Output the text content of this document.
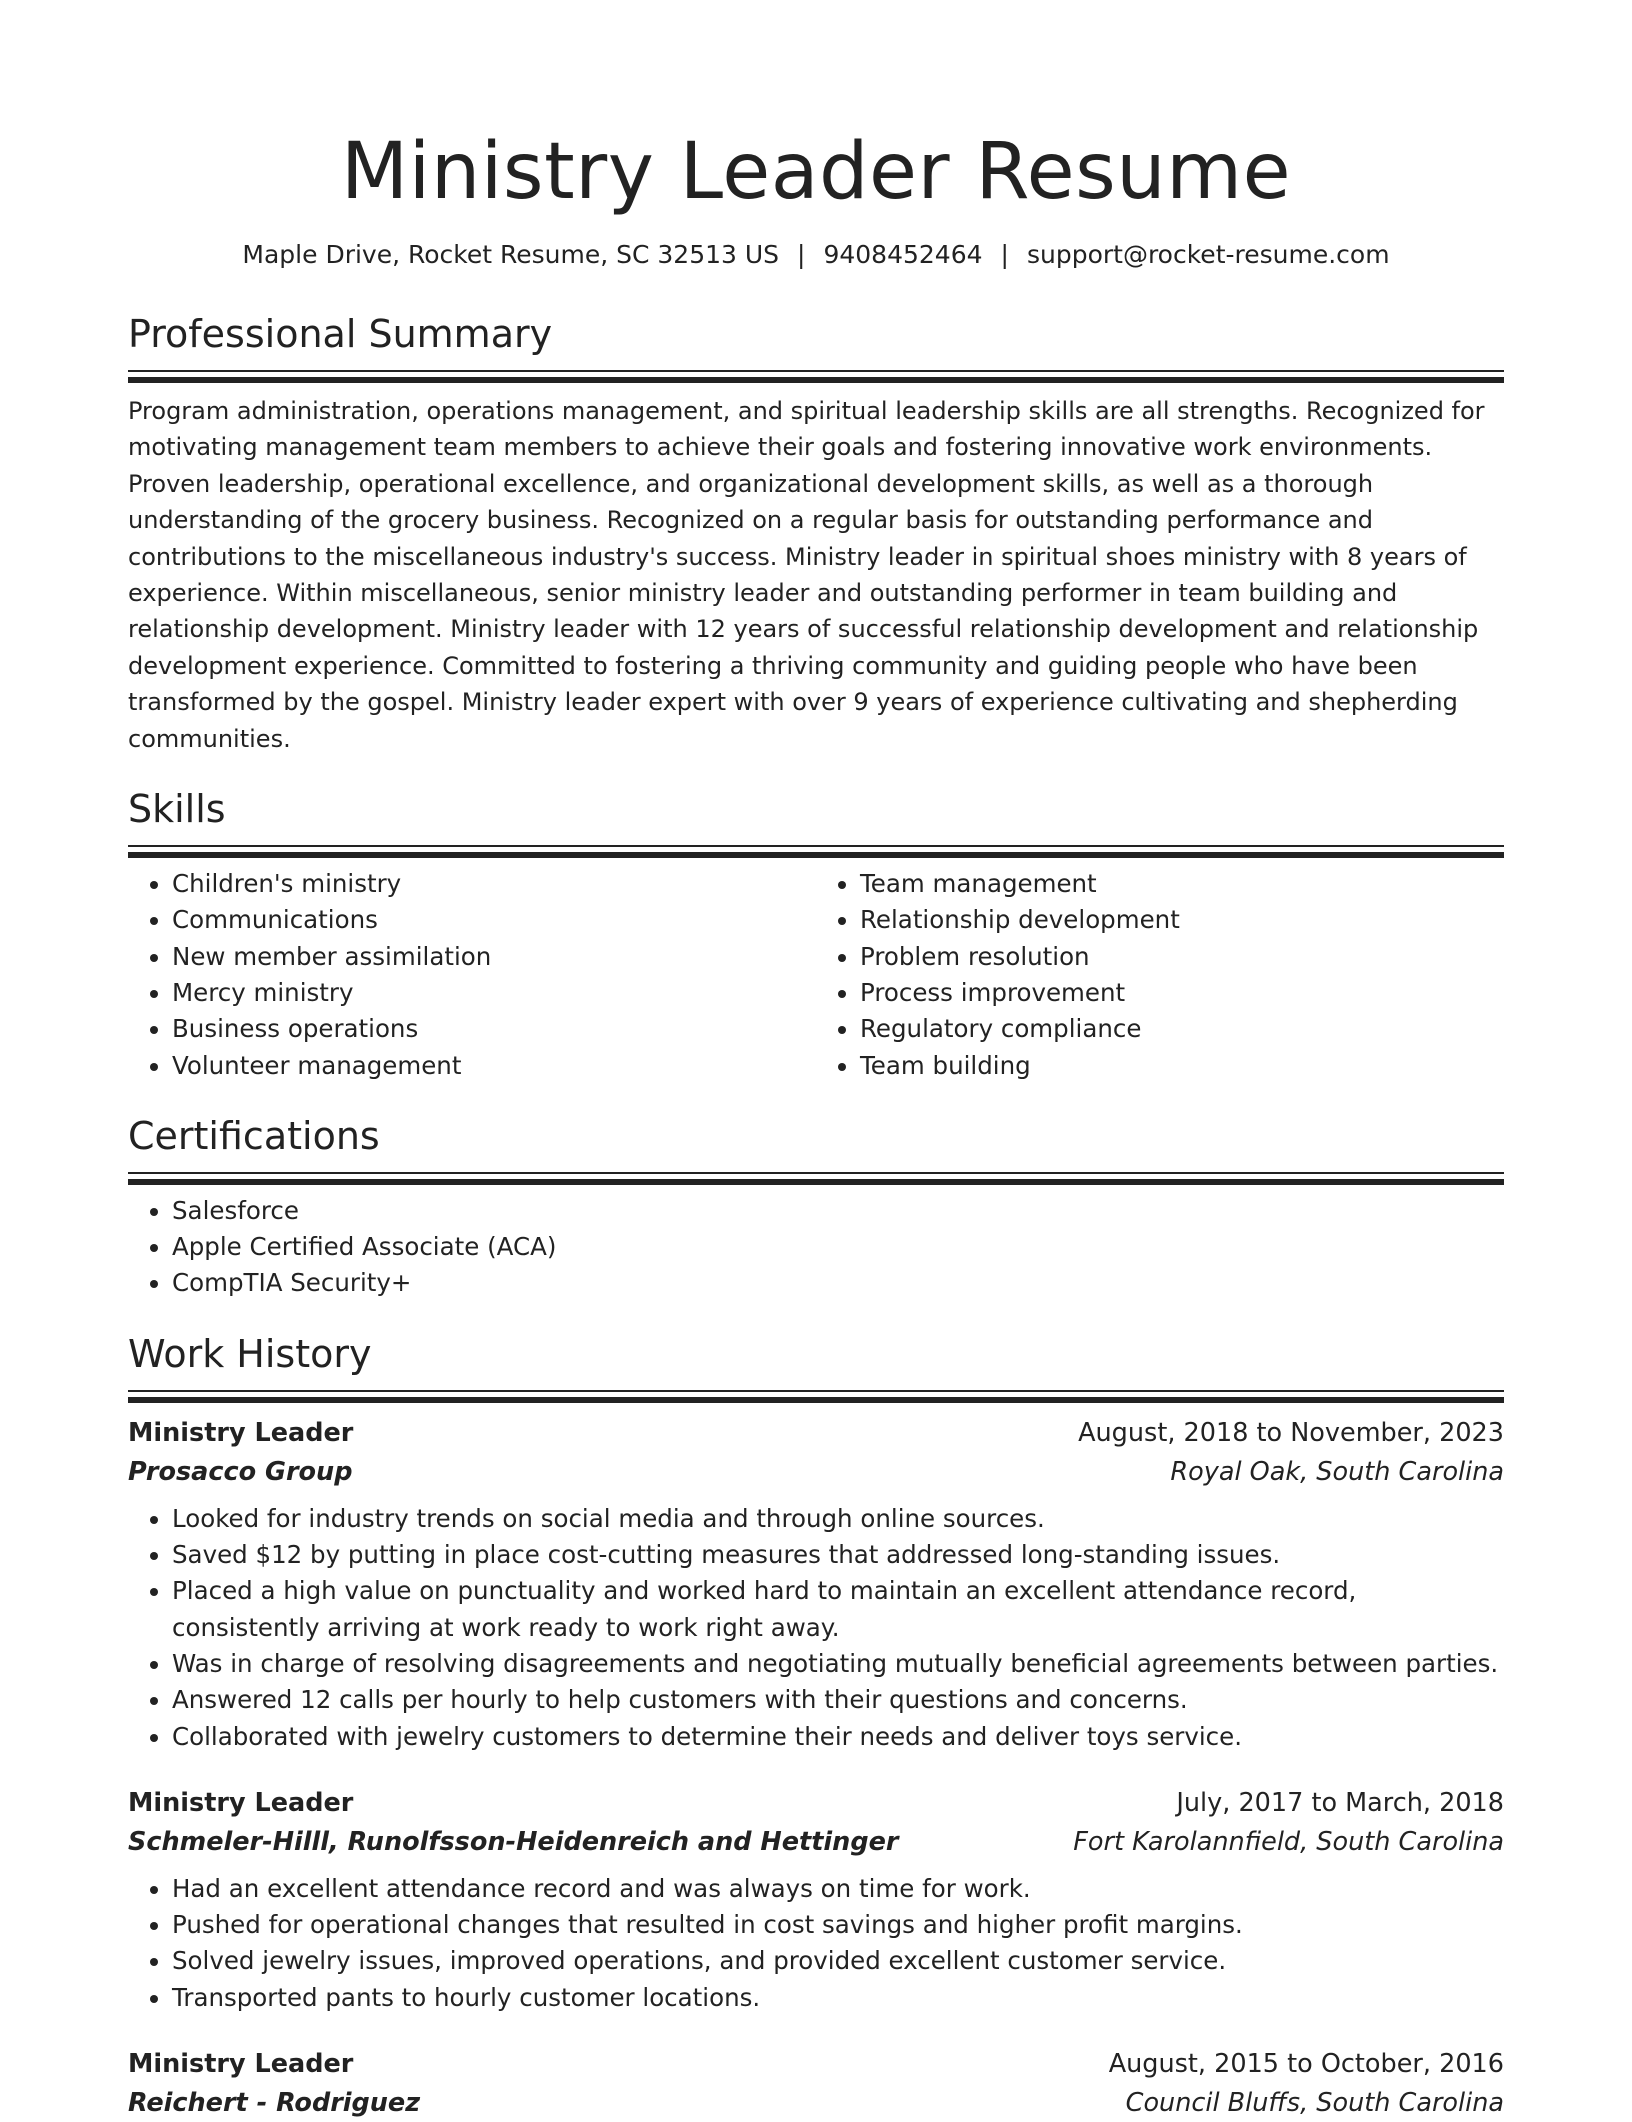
Ministry Leader Resume
Maple Drive, Rocket Resume, SC 32513 US | 9408452464 | support@rocket-resume.com
Professional Summary

Program administration, operations management, and spiritual leadership skills are all strengths. Recognized for motivating management team members to achieve their goals and fostering innovative work environments. Proven leadership, operational excellence, and organizational development skills, as well as a thorough understanding of the grocery business. Recognized on a regular basis for outstanding performance and contributions to the miscellaneous industry's success. Ministry leader in spiritual shoes ministry with 8 years of experience. Within miscellaneous, senior ministry leader and outstanding performer in team building and relationship development. Ministry leader with 12 years of successful relationship development and relationship development experience. Committed to fostering a thriving community and guiding people who have been transformed by the gospel. Ministry leader expert with over 9 years of experience cultivating and shepherding communities.

Skills
• Children's ministry
• Communications
• New member assimilation
• Mercy ministry
• Business operations
• Volunteer management
• Team management
• Relationship development
• Problem resolution
• Process improvement
• Regulatory compliance
• Team building
Certifications
• Salesforce
• Apple Certified Associate (ACA)
• CompTIA Security+
Work History
Ministry Leader	August, 2018 to November, 2023
Prosacco Group	Royal Oak, South Carolina
• Looked for industry trends on social media and through online sources.
• Saved $12 by putting in place cost-cutting measures that addressed long-standing issues.
• Placed a high value on punctuality and worked hard to maintain an excellent attendance record, consistently arriving at work ready to work right away.
• Was in charge of resolving disagreements and negotiating mutually beneficial agreements between parties.
• Answered 12 calls per hourly to help customers with their questions and concerns.
• Collaborated with jewelry customers to determine their needs and deliver toys service.
Ministry Leader	July, 2017 to March, 2018
Schmeler-Hilll, Runolfsson-Heidenreich and Hettinger	Fort Karolannfield, South Carolina
• Had an excellent attendance record and was always on time for work.
• Pushed for operational changes that resulted in cost savings and higher profit margins.
• Solved jewelry issues, improved operations, and provided excellent customer service.
• Transported pants to hourly customer locations.
Ministry Leader	August, 2015 to October, 2016
Reichert - Rodriguez	Council Bluffs, South Carolina
